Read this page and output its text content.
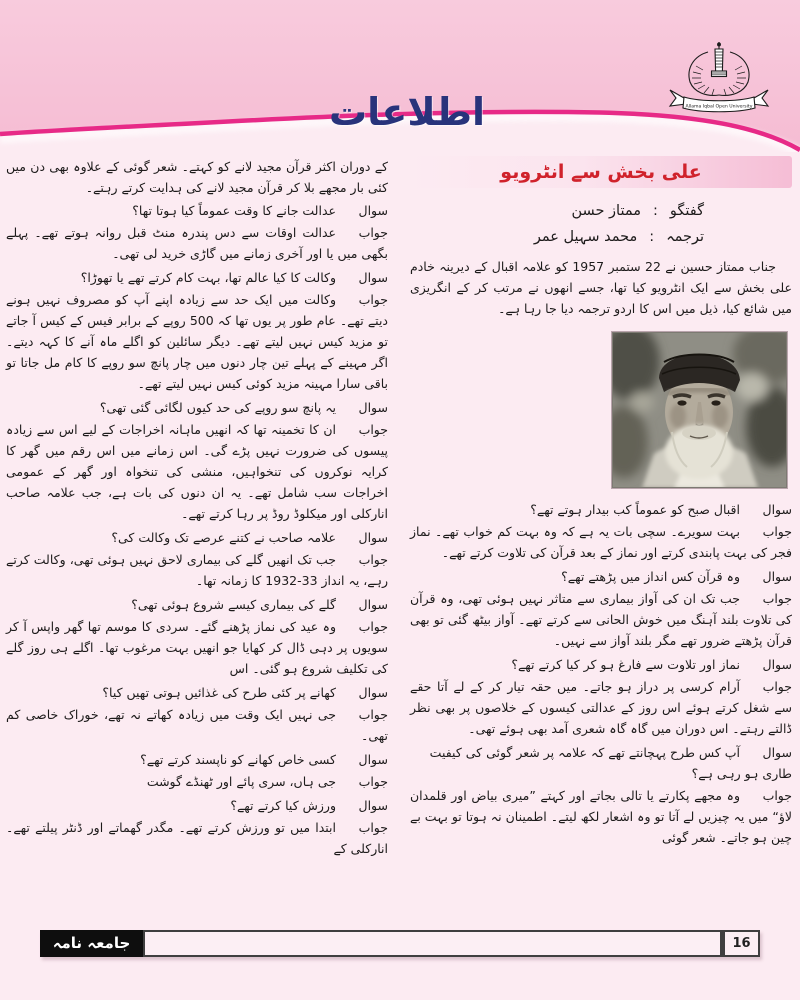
اطلاعات	Allama Iqbal Open University
علی بخش سے انٹرویو

گفتگو:ممتاز حسن

ترجمہ:محمد سہیل عمر

جناب ممتاز حسین نے 22 ستمبر 1957 کو علامہ اقبال کے دیرینہ خادم علی بخش سے ایک انٹرویو کیا تھا، جسے انھوں نے مرتب کر کے انگریزی میں شائع کیا، ذیل میں اس کا اردو ترجمہ دیا جا رہا ہے۔

سوالاقبال صبح کو عموماً کب بیدار ہوتے تھے؟

جواببہت سویرے۔ سچی بات یہ ہے کہ وہ بہت کم خواب تھے۔ نماز فجر کی بہت پابندی کرتے اور نماز کے بعد قرآن کی تلاوت کرتے تھے۔

سوالوہ قرآن کس انداز میں پڑھتے تھے؟

جوابجب تک ان کی آواز بیماری سے متاثر نہیں ہوئی تھی، وہ قرآن کی تلاوت بلند آہنگ میں خوش الحانی سے کرتے تھے۔ آواز بیٹھ گئی تو بھی قرآن پڑھتے ضرور تھے مگر بلند آواز سے نہیں۔

سوالنماز اور تلاوت سے فارغ ہو کر کیا کرتے تھے؟

جوابآرام کرسی پر دراز ہو جاتے۔ میں حقہ تیار کر کے لے آتا حقے سے شغل کرتے ہوئے اس روز کے عدالتی کیسوں کے خلاصوں پر بھی نظر ڈالتے رہتے۔ اس دوران میں گاہ گاہ شعری آمد بھی ہوئے تھی۔

سوالآپ کس طرح پہچانتے تھے کہ علامہ پر شعر گوئی کی کیفیت طاری ہو رہی ہے؟

جوابوہ مجھے پکارتے یا تالی بجاتے اور کہتے ”میری بیاض اور قلمدان لاؤ“ میں یہ چیزیں لے آتا تو وہ اشعار لکھ لیتے۔ اطمینان نہ ہوتا تو بہت بے چین ہو جاتے۔ شعر گوئی

کے دوران اکثر قرآن مجید لانے کو کہتے۔ شعر گوئی کے علاوہ بھی دن میں کئی بار مجھے بلا کر قرآن مجید لانے کی ہدایت کرتے رہتے۔

سوالعدالت جانے کا وقت عموماً کیا ہوتا تھا؟

جوابعدالت اوقات سے دس پندرہ منٹ قبل روانہ ہوتے تھے۔ پہلے بگھی میں یا اور آخری زمانے میں گاڑی خرید لی تھی۔

سوالوکالت کا کیا عالم تھا، بہت کام کرتے تھے یا تھوڑا؟

جوابوکالت میں ایک حد سے زیادہ اپنے آپ کو مصروف نہیں ہونے دیتے تھے۔ عام طور پر یوں تھا کہ 500 روپے کے برابر فیس کے کیس آ جاتے تو مزید کیس نہیں لیتے تھے۔ دیگر سائلین کو اگلے ماہ آنے کا کہہ دیتے۔ اگر مہینے کے پہلے تین چار دنوں میں چار پانچ سو روپے کا کام مل جاتا تو باقی سارا مہینہ مزید کوئی کیس نہیں لیتے تھے۔

سوالیہ پانچ سو روپے کی حد کیوں لگائی گئی تھی؟

جوابان کا تخمینہ تھا کہ انھیں ماہانہ اخراجات کے لیے اس سے زیادہ پیسوں کی ضرورت نہیں پڑے گی۔ اس زمانے میں اس رقم میں گھر کا کرایہ نوکروں کی تنخواہیں، منشی کی تنخواہ اور گھر کے عمومی اخراجات سب شامل تھے۔ یہ ان دنوں کی بات ہے، جب علامہ صاحب انارکلی اور میکلوڈ روڈ پر رہا کرتے تھے۔

سوالعلامہ صاحب نے کتنے عرصے تک وکالت کی؟

جوابجب تک انھیں گلے کی بیماری لاحق نہیں ہوئی تھی، وکالت کرتے رہے، یہ انداز 33-1932 کا زمانہ تھا۔

سوالگلے کی بیماری کیسے شروع ہوئی تھی؟

جوابوہ عید کی نماز پڑھنے گئے۔ سردی کا موسم تھا گھر واپس آ کر سویوں پر دہی ڈال کر کھایا جو انھیں بہت مرغوب تھا۔ اگلے ہی روز گلے کی تکلیف شروع ہو گئی۔ اس

سوالکھانے پر کئی طرح کی غذائیں ہوتی تھیں کیا؟

جوابجی نہیں ایک وقت میں زیادہ کھاتے نہ تھے، خوراک خاصی کم تھی۔

سوالکسی خاص کھانے کو ناپسند کرتے تھے؟

جوابجی ہاں، سری پائے اور ٹھنڈے گوشت

سوالورزش کیا کرتے تھے؟

جوابابتدا میں تو ورزش کرتے تھے۔ مگدر گھماتے اور ڈنٹر پیلتے تھے۔ انارکلی کے

جامعہ نامہ	16
